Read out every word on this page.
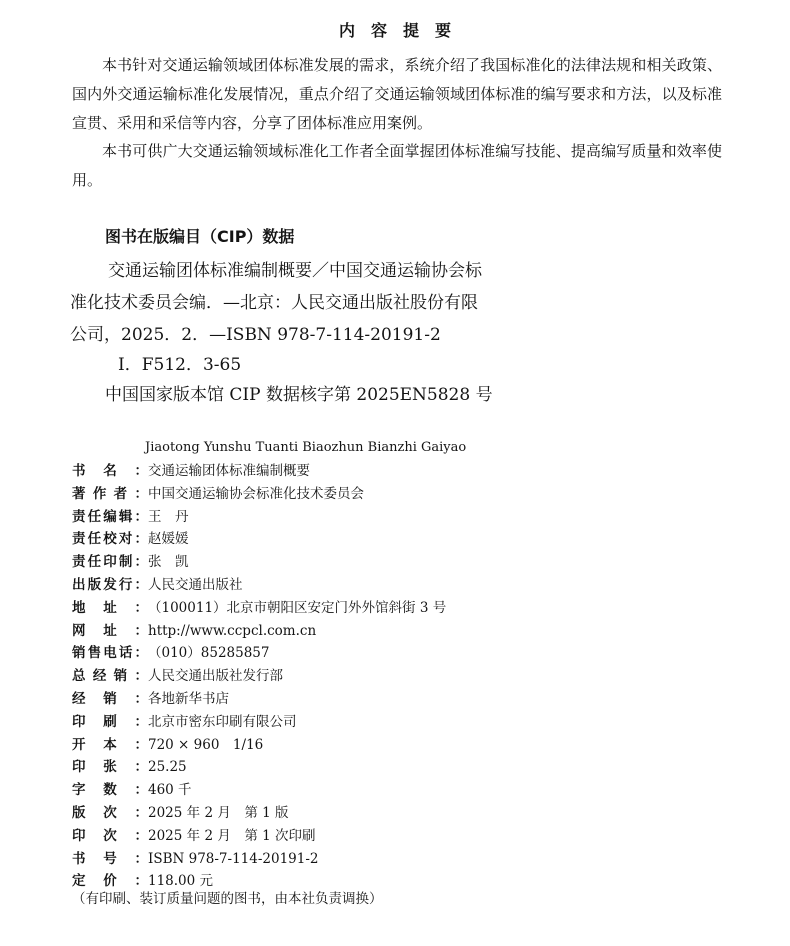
内容提要

本书针对交通运输领域团体标准发展的需求，系统介绍了我国标准化的法律法规和相关政策、国内外交通运输标准化发展情况，重点介绍了交通运输领域团体标准的编写要求和方法，以及标准宣贯、采用和采信等内容，分享了团体标准应用案例。

本书可供广大交通运输领域标准化工作者全面掌握团体标准编写技能、提高编写质量和效率使用。

图书在版编目（CIP）数据
交通运输团体标准编制概要／中国交通运输协会标
准化技术委员会编．—北京：人民交通出版社股份有限
公司，2025．2．—ISBN 978-7-114-20191-2
Ⅰ．F512．3-65
中国国家版本馆 CIP 数据核字第 2025EN5828 号
Jiaotong Yunshu Tuanti Biaozhun Bianzhi Gaiyao
书 名 ： 交通运输团体标准编制概要
著 作 者 ： 中国交通运输协会标准化技术委员会
责 任 编 辑 ： 王　丹
责 任 校 对 ： 赵媛媛
责 任 印 制 ： 张　凯
出 版 发 行 ： 人民交通出版社
地 址 ： （100011）北京市朝阳区安定门外外馆斜街 3 号
网 址 ： http://www.ccpcl.com.cn
销 售 电 话 ： （010）85285857
总 经 销 ： 人民交通出版社发行部
经 销 ： 各地新华书店
印 刷 ： 北京市密东印刷有限公司
开 本 ： 720 × 960　1/16
印 张 ： 25.25
字 数 ： 460 千
版 次 ： 2025 年 2 月　第 1 版
印 次 ： 2025 年 2 月　第 1 次印刷
书 号 ： ISBN 978-7-114-20191-2
定 价 ： 118.00 元
（有印刷、装订质量问题的图书，由本社负责调换）
